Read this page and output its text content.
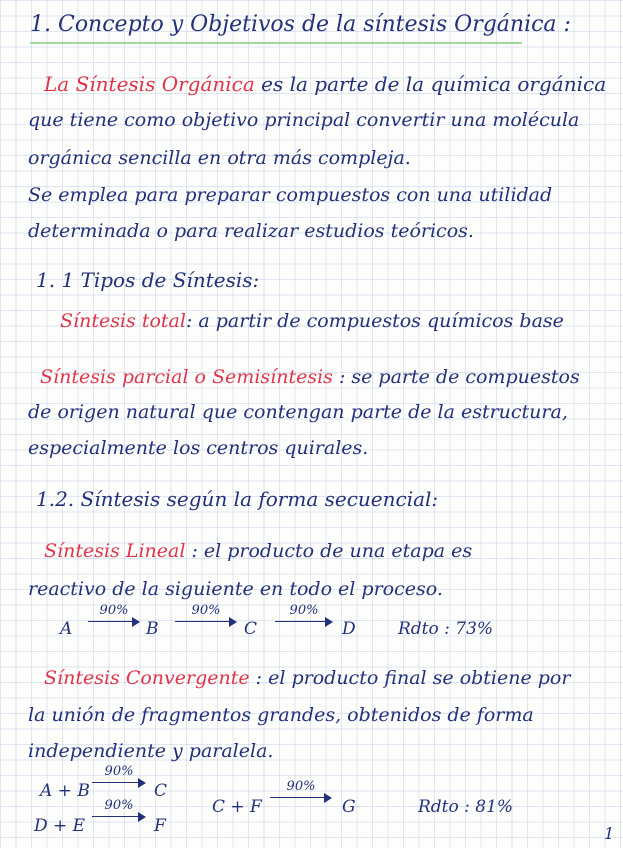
1. Concepto y Objetivos de la síntesis Orgánica :
La Síntesis Orgánica es la parte de la química orgánica
que tiene como objetivo principal convertir una molécula
orgánica sencilla en otra más compleja.
Se emplea para preparar compuestos con una utilidad
determinada o para realizar estudios teóricos.
1. 1 Tipos de Síntesis:
Síntesis total: a partir de compuestos químicos base
Síntesis parcial o Semisíntesis : se parte de compuestos
de origen natural que contengan parte de la estructura,
especialmente los centros quirales.
1.2. Síntesis según la forma secuencial:
Síntesis Lineal : el producto de una etapa es
reactivo de la siguiente en todo el proceso.
A
90%
B
90%
C
90%
D Rdto : 73%
Síntesis Convergente : el producto final se obtiene por
la unión de fragmentos grandes, obtenidos de forma
independiente y paralela.
A + B
90%
C
D + E
90%
F
C + F
90%
G	Rdto : 81%
1
